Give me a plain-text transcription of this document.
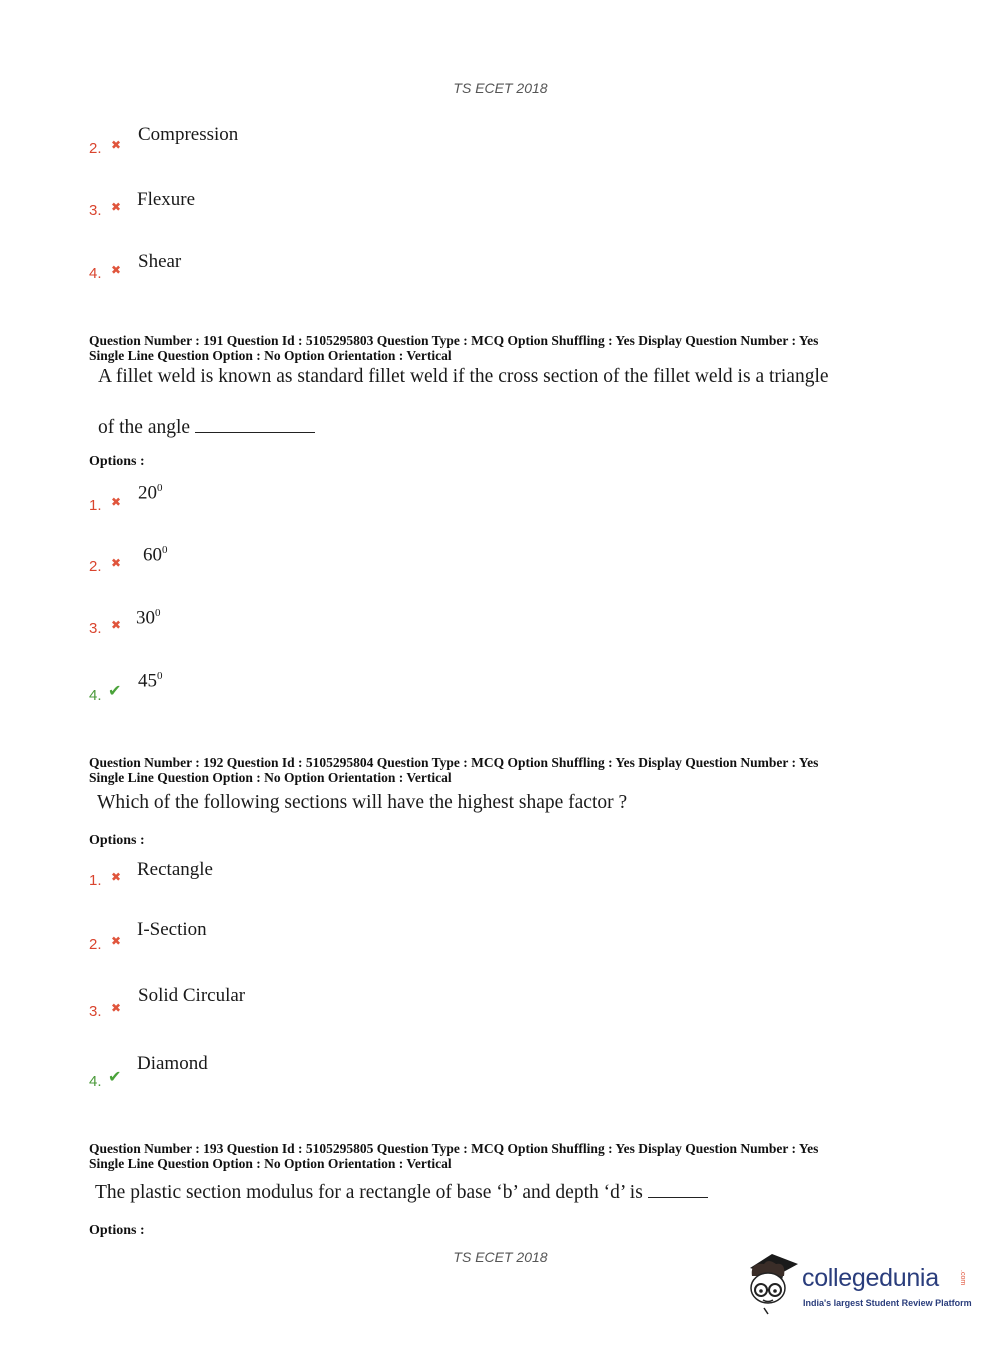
TS ECET 2018
2. ✖ Compression
3. ✖ Flexure
4. ✖ Shear
Question Number : 191 Question Id : 5105295803 Question Type : MCQ Option Shuffling : Yes Display Question Number : Yes
Single Line Question Option : No Option Orientation : Vertical
A fillet weld is known as standard fillet weld if the cross section of the fillet weld is a triangle
of the angle
Options :
1. ✖ $20^0$
2. ✖ $60^0$
3. ✖ $30^0$
4. ✔ $45^0$
Question Number : 192 Question Id : 5105295804 Question Type : MCQ Option Shuffling : Yes Display Question Number : Yes
Single Line Question Option : No Option Orientation : Vertical
Which of the following sections will have the highest shape factor ?
Options :
1. ✖ Rectangle
2. ✖
I-Section
3. ✖
Solid Circular
4. ✔
Diamond
Question Number : 193 Question Id : 5105295805 Question Type : MCQ Option Shuffling : Yes Display Question Number : Yes
Single Line Question Option : No Option Orientation : Vertical
The plastic section modulus for a rectangle of base ‘b’ and depth ‘d’ is
Options :
TS ECET 2018
collegedunia	.com
India's largest Student Review Platform
